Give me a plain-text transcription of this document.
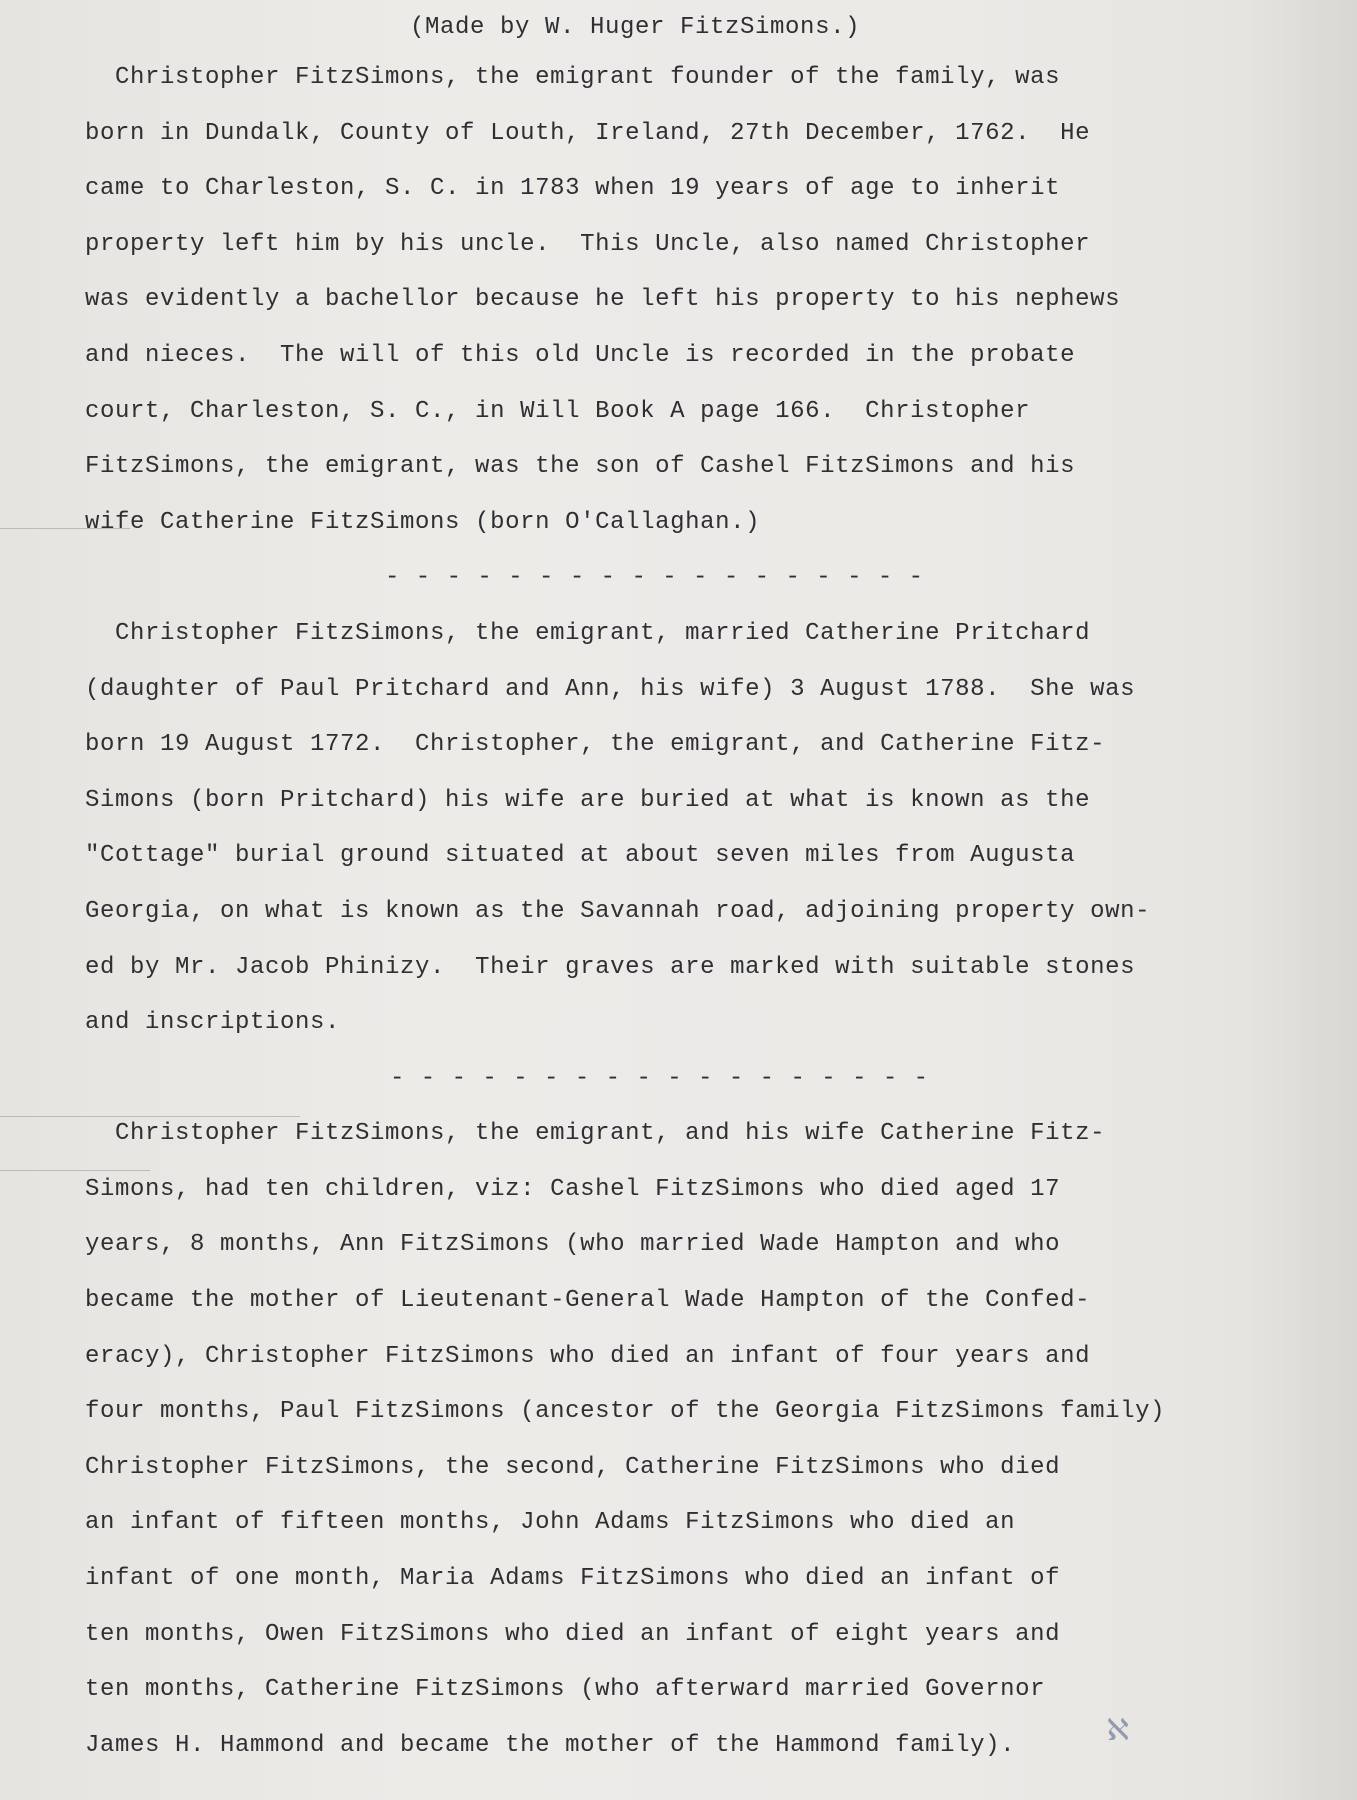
(Made by W. Huger FitzSimons.)
Christopher FitzSimons, the emigrant founder of the family, was
born in Dundalk, County of Louth, Ireland, 27th December, 1762.  He
came to Charleston, S. C. in 1783 when 19 years of age to inherit
property left him by his uncle.  This Uncle, also named Christopher
was evidently a bachellor because he left his property to his nephews
and nieces.  The will of this old Uncle is recorded in the probate
court, Charleston, S. C., in Will Book A page 166.  Christopher
FitzSimons, the emigrant, was the son of Cashel FitzSimons and his
wife Catherine FitzSimons (born O'Callaghan.)
- - - - - - - - - - - - - - - - - -
Christopher FitzSimons, the emigrant, married Catherine Pritchard
(daughter of Paul Pritchard and Ann, his wife) 3 August 1788.  She was
born 19 August 1772.  Christopher, the emigrant, and Catherine Fitz-
Simons (born Pritchard) his wife are buried at what is known as the
"Cottage" burial ground situated at about seven miles from Augusta
Georgia, on what is known as the Savannah road, adjoining property own-
ed by Mr. Jacob Phinizy.  Their graves are marked with suitable stones
and inscriptions.
- - - - - - - - - - - - - - - - - -
Christopher FitzSimons, the emigrant, and his wife Catherine Fitz-
Simons, had ten children, viz: Cashel FitzSimons who died aged 17
years, 8 months, Ann FitzSimons (who married Wade Hampton and who
became the mother of Lieutenant-General Wade Hampton of the Confed-
eracy), Christopher FitzSimons who died an infant of four years and
four months, Paul FitzSimons (ancestor of the Georgia FitzSimons family)
Christopher FitzSimons, the second, Catherine FitzSimons who died
an infant of fifteen months, John Adams FitzSimons who died an
infant of one month, Maria Adams FitzSimons who died an infant of
ten months, Owen FitzSimons who died an infant of eight years and
ten months, Catherine FitzSimons (who afterward married Governor
James H. Hammond and became the mother of the Hammond family).	ℵ
